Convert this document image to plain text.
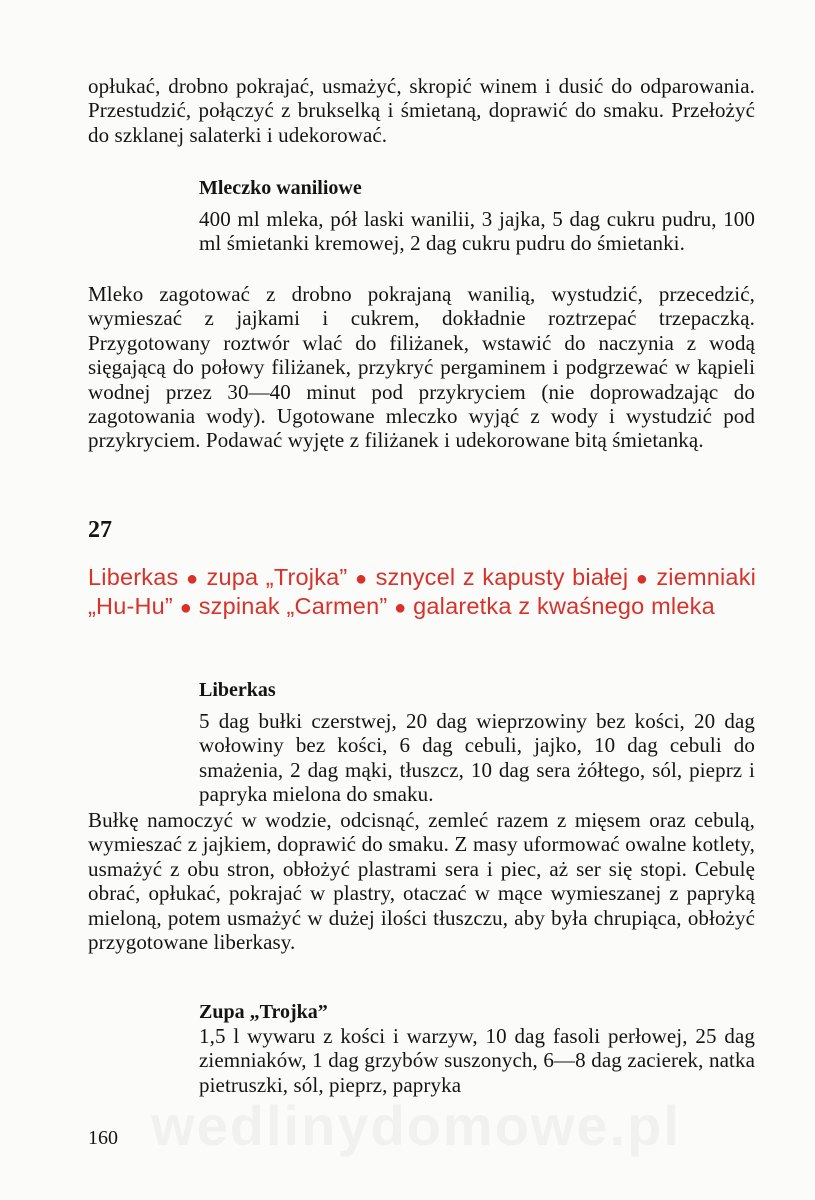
opłukać, drobno pokrajać, usmażyć, skropić winem i dusić do odparowania. Przestudzić, połączyć z brukselką i śmietaną, doprawić do smaku. Przełożyć do szklanej salaterki i udekorować.

Mleczko waniliowe

400 ml mleka, pół laski wanilii, 3 jajka, 5 dag cukru pudru, 100 ml śmietanki kremowej, 2 dag cukru pudru do śmietanki.

Mleko zagotować z drobno pokrajaną wanilią, wystudzić, przecedzić, wymieszać z jajkami i cukrem, dokładnie roztrzepać trzepaczką. Przygotowany roztwór wlać do filiżanek, wstawić do naczynia z wodą sięgającą do połowy filiżanek, przykryć pergaminem i podgrzewać w kąpieli wodnej przez 30—40 minut pod przykryciem (nie doprowadzając do zagotowania wody). Ugotowane mleczko wyjąć z wody i wystudzić pod przykryciem. Podawać wyjęte z filiżanek i udekorowane bitą śmietanką.

27

Liberkas ● zupa „Trojka” ● sznycel z kapusty białej ● ziemniaki „Hu-Hu” ● szpinak „Carmen” ● galaretka z kwaśnego mleka

Liberkas

5 dag bułki czerstwej, 20 dag wieprzowiny bez kości, 20 dag wołowiny bez kości, 6 dag cebuli, jajko, 10 dag cebuli do smażenia, 2 dag mąki, tłuszcz, 10 dag sera żółtego, sól, pieprz i papryka mielona do smaku.

Bułkę namoczyć w wodzie, odcisnąć, zemleć razem z mięsem oraz cebulą, wymieszać z jajkiem, doprawić do smaku. Z masy uformować owalne kotlety, usmażyć z obu stron, obłożyć plastrami sera i piec, aż ser się stopi. Cebulę obrać, opłukać, pokrajać w plastry, otaczać w mące wymieszanej z papryką mieloną, potem usmażyć w dużej ilości tłuszczu, aby była chrupiąca, obłożyć przygotowane liberkasy.

Zupa „Trojka”

1,5 l wywaru z kości i warzyw, 10 dag fasoli perłowej, 25 dag ziemniaków, 1 dag grzybów suszonych, 6—8 dag zacierek, natka pietruszki, sól, pieprz, papryka

wedlinydomowe.pl

160
